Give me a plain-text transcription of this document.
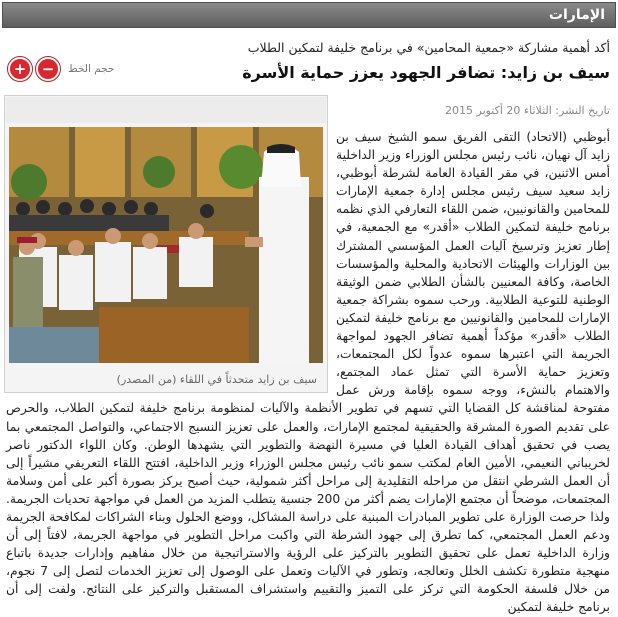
الإمارات
أكد أهمية مشاركة «جمعية المحامين» في برنامج خليفة لتمكين الطلاب
سيف بن زايد: تضافر الجهود يعزز حماية الأسرة
حجم الخط
−
+
تاريخ النشر: الثلاثاء 20 أكتوبر 2015
سيف بن زايد متحدثاً في اللقاء (من المصدر)

أبوظبي (الاتحاد) التقى الفريق سمو الشيخ سيف بن زايد آل نهيان، نائب رئيس مجلس الوزراء وزير الداخلية أمس الاثنين، في مقر القيادة العامة لشرطة أبوظبي، زايد سعيد سيف رئيس مجلس إدارة جمعية الإمارات للمحامين والقانونيين، ضمن اللقاء التعارفي الذي نظمه برنامج خليفة لتمكين الطلاب «أقدر» مع الجمعية، في إطار تعزيز وترسيخ آليات العمل المؤسسي المشترك بين الوزارات والهيئات الاتحادية والمحلية والمؤسسات الخاصة، وكافة المعنيين بالشأن الطلابي ضمن الوثيقة الوطنية للتوعية الطلابية. ورحب سموه بشراكة جمعية الإمارات للمحامين والقانونيين مع برنامج خليفة لتمكين الطلاب «أقدر» مؤكداً أهمية تضافر الجهود لمواجهة الجريمة التي اعتبرها سموه عدواً لكل المجتمعات، وتعزيز حماية الأسرة التي تمثل عماد المجتمع، والاهتمام بالنشء، ووجه سموه بإقامة ورش عمل مفتوحة لمناقشة كل القضايا التي تسهم في تطوير الأنظمة والآليات لمنظومة برنامج خليفة لتمكين الطلاب، والحرص على تقديم الصورة المشرقة والحقيقية لمجتمع الإمارات، والعمل على تعزيز النسيج الاجتماعي، والتواصل المجتمعي بما يصب في تحقيق أهداف القيادة العليا في مسيرة النهضة والتطوير التي يشهدها الوطن. وكان اللواء الدكتور ناصر لخريباني النعيمي، الأمين العام لمكتب سمو نائب رئيس مجلس الوزراء وزير الداخلية، افتتح اللقاء التعريفي مشيراً إلى أن العمل الشرطي انتقل من مراحله التقليدية إلى مراحل أكثر شمولية، حيث أصبح يركز بصورة أكبر على أمن وسلامة المجتمعات، موضحاً أن مجتمع الإمارات يضم أكثر من 200 جنسية يتطلب المزيد من العمل في مواجهة تحديات الجريمة. ولذا حرصت الوزارة على تطوير المبادرات المبنية على دراسة المشاكل، ووضع الحلول وبناء الشراكات لمكافحة الجريمة ودعم العمل المجتمعي، كما تطرق إلى جهود الشرطة التي واكبت مراحل التطوير في مواجهة الجريمة، لافتاً إلى أن وزارة الداخلية تعمل على تحقيق التطوير بالتركيز على الرؤية والاستراتيجية من خلال مفاهيم وإدارات جديدة باتباع منهجية متطورة تكشف الخلل وتعالجه، وتطور في الآليات وتعمل على الوصول إلى تعزيز الخدمات لتصل إلى 7 نجوم، من خلال فلسفة الحكومة التي تركز على التميز والتقييم واستشراف المستقبل والتركيز على النتائج. ولفت إلى أن برنامج خليفة لتمكين
